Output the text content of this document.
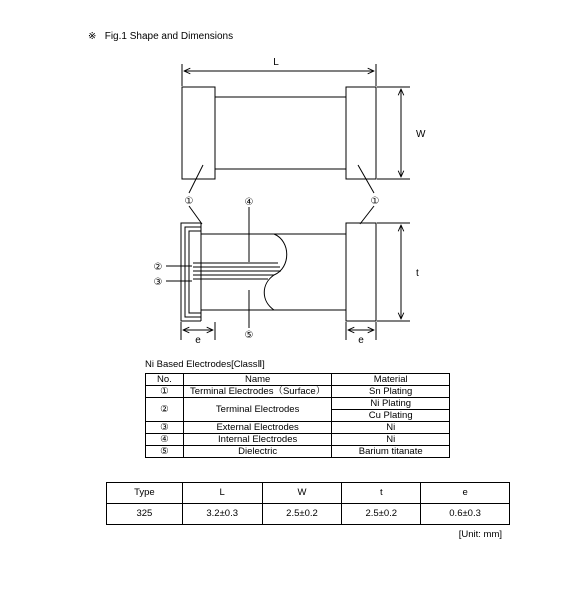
※   Fig.1 Shape and Dimensions
L
W
t
e	e
①	①
④
⑤
②
③
Ni Based Electrodes[ClassⅡ]
No.	Name	Material
①	Terminal Electrodes（Surface）	Sn Plating
②	Terminal Electrodes	Ni Plating
		Cu Plating
③	External Electrodes	Ni
④	Internal Electrodes	Ni
⑤	Dielectric	Barium titanate
Type	L	W	t	e
325	3.2±0.3	2.5±0.2	2.5±0.2	0.6±0.3
[Unit: mm]
